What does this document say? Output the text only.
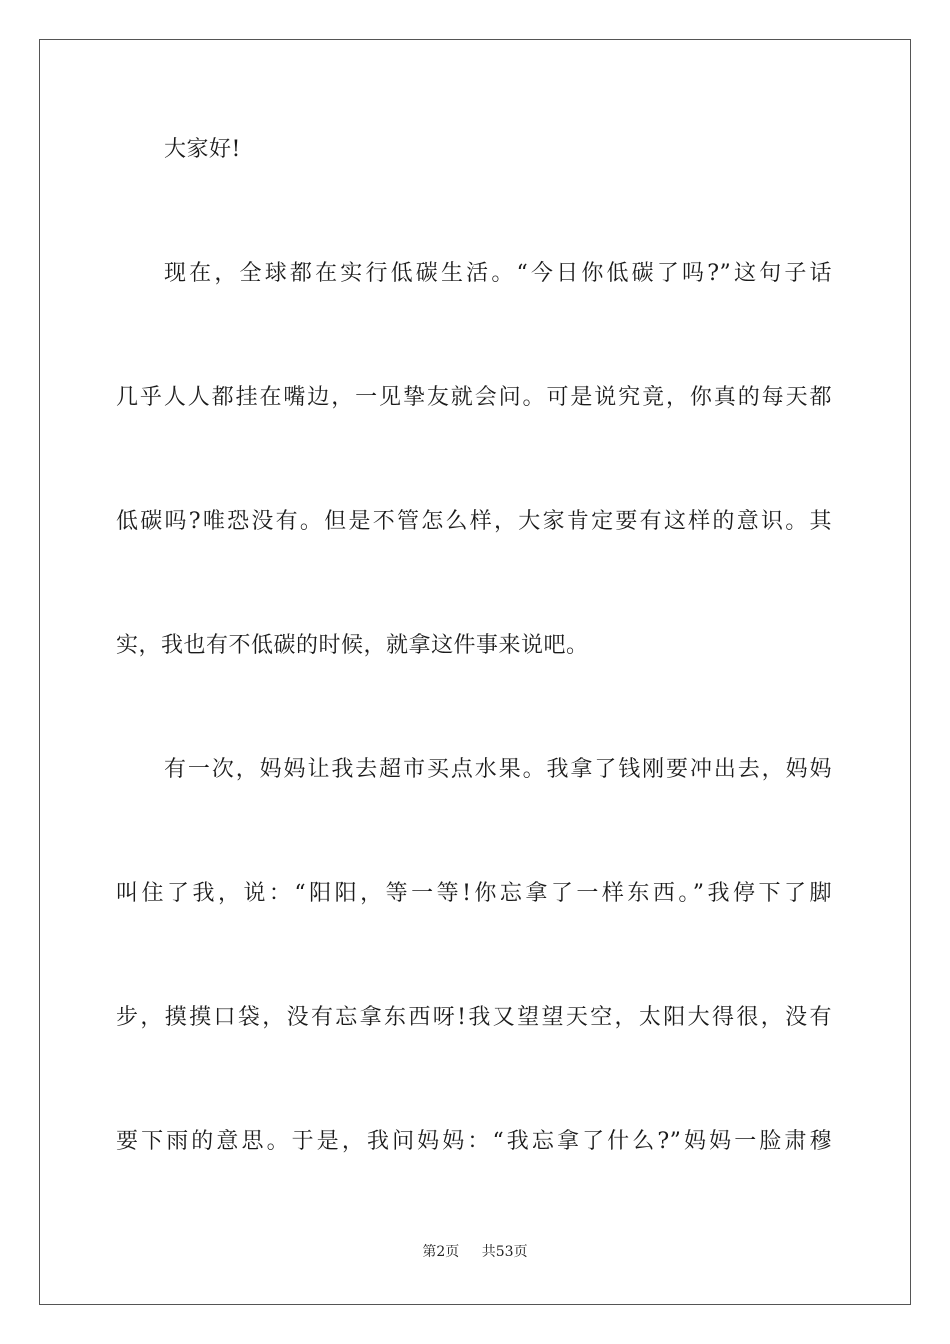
大家好!
现在，全球都在实行低碳生活。“今日你低碳了吗?”这句子话
几乎人人都挂在嘴边，一见挚友就会问。可是说究竟，你真的每天都
低碳吗?唯恐没有。但是不管怎么样，大家肯定要有这样的意识。其
实，我也有不低碳的时候，就拿这件事来说吧。
有一次，妈妈让我去超市买点水果。我拿了钱刚要冲出去，妈妈
叫住了我，说：“阳阳，等一等!你忘拿了一样东西。”我停下了脚
步，摸摸口袋，没有忘拿东西呀!我又望望天空，太阳大得很，没有
要下雨的意思。于是，我问妈妈：“我忘拿了什么?”妈妈一脸肃穆
第2页 共53页
